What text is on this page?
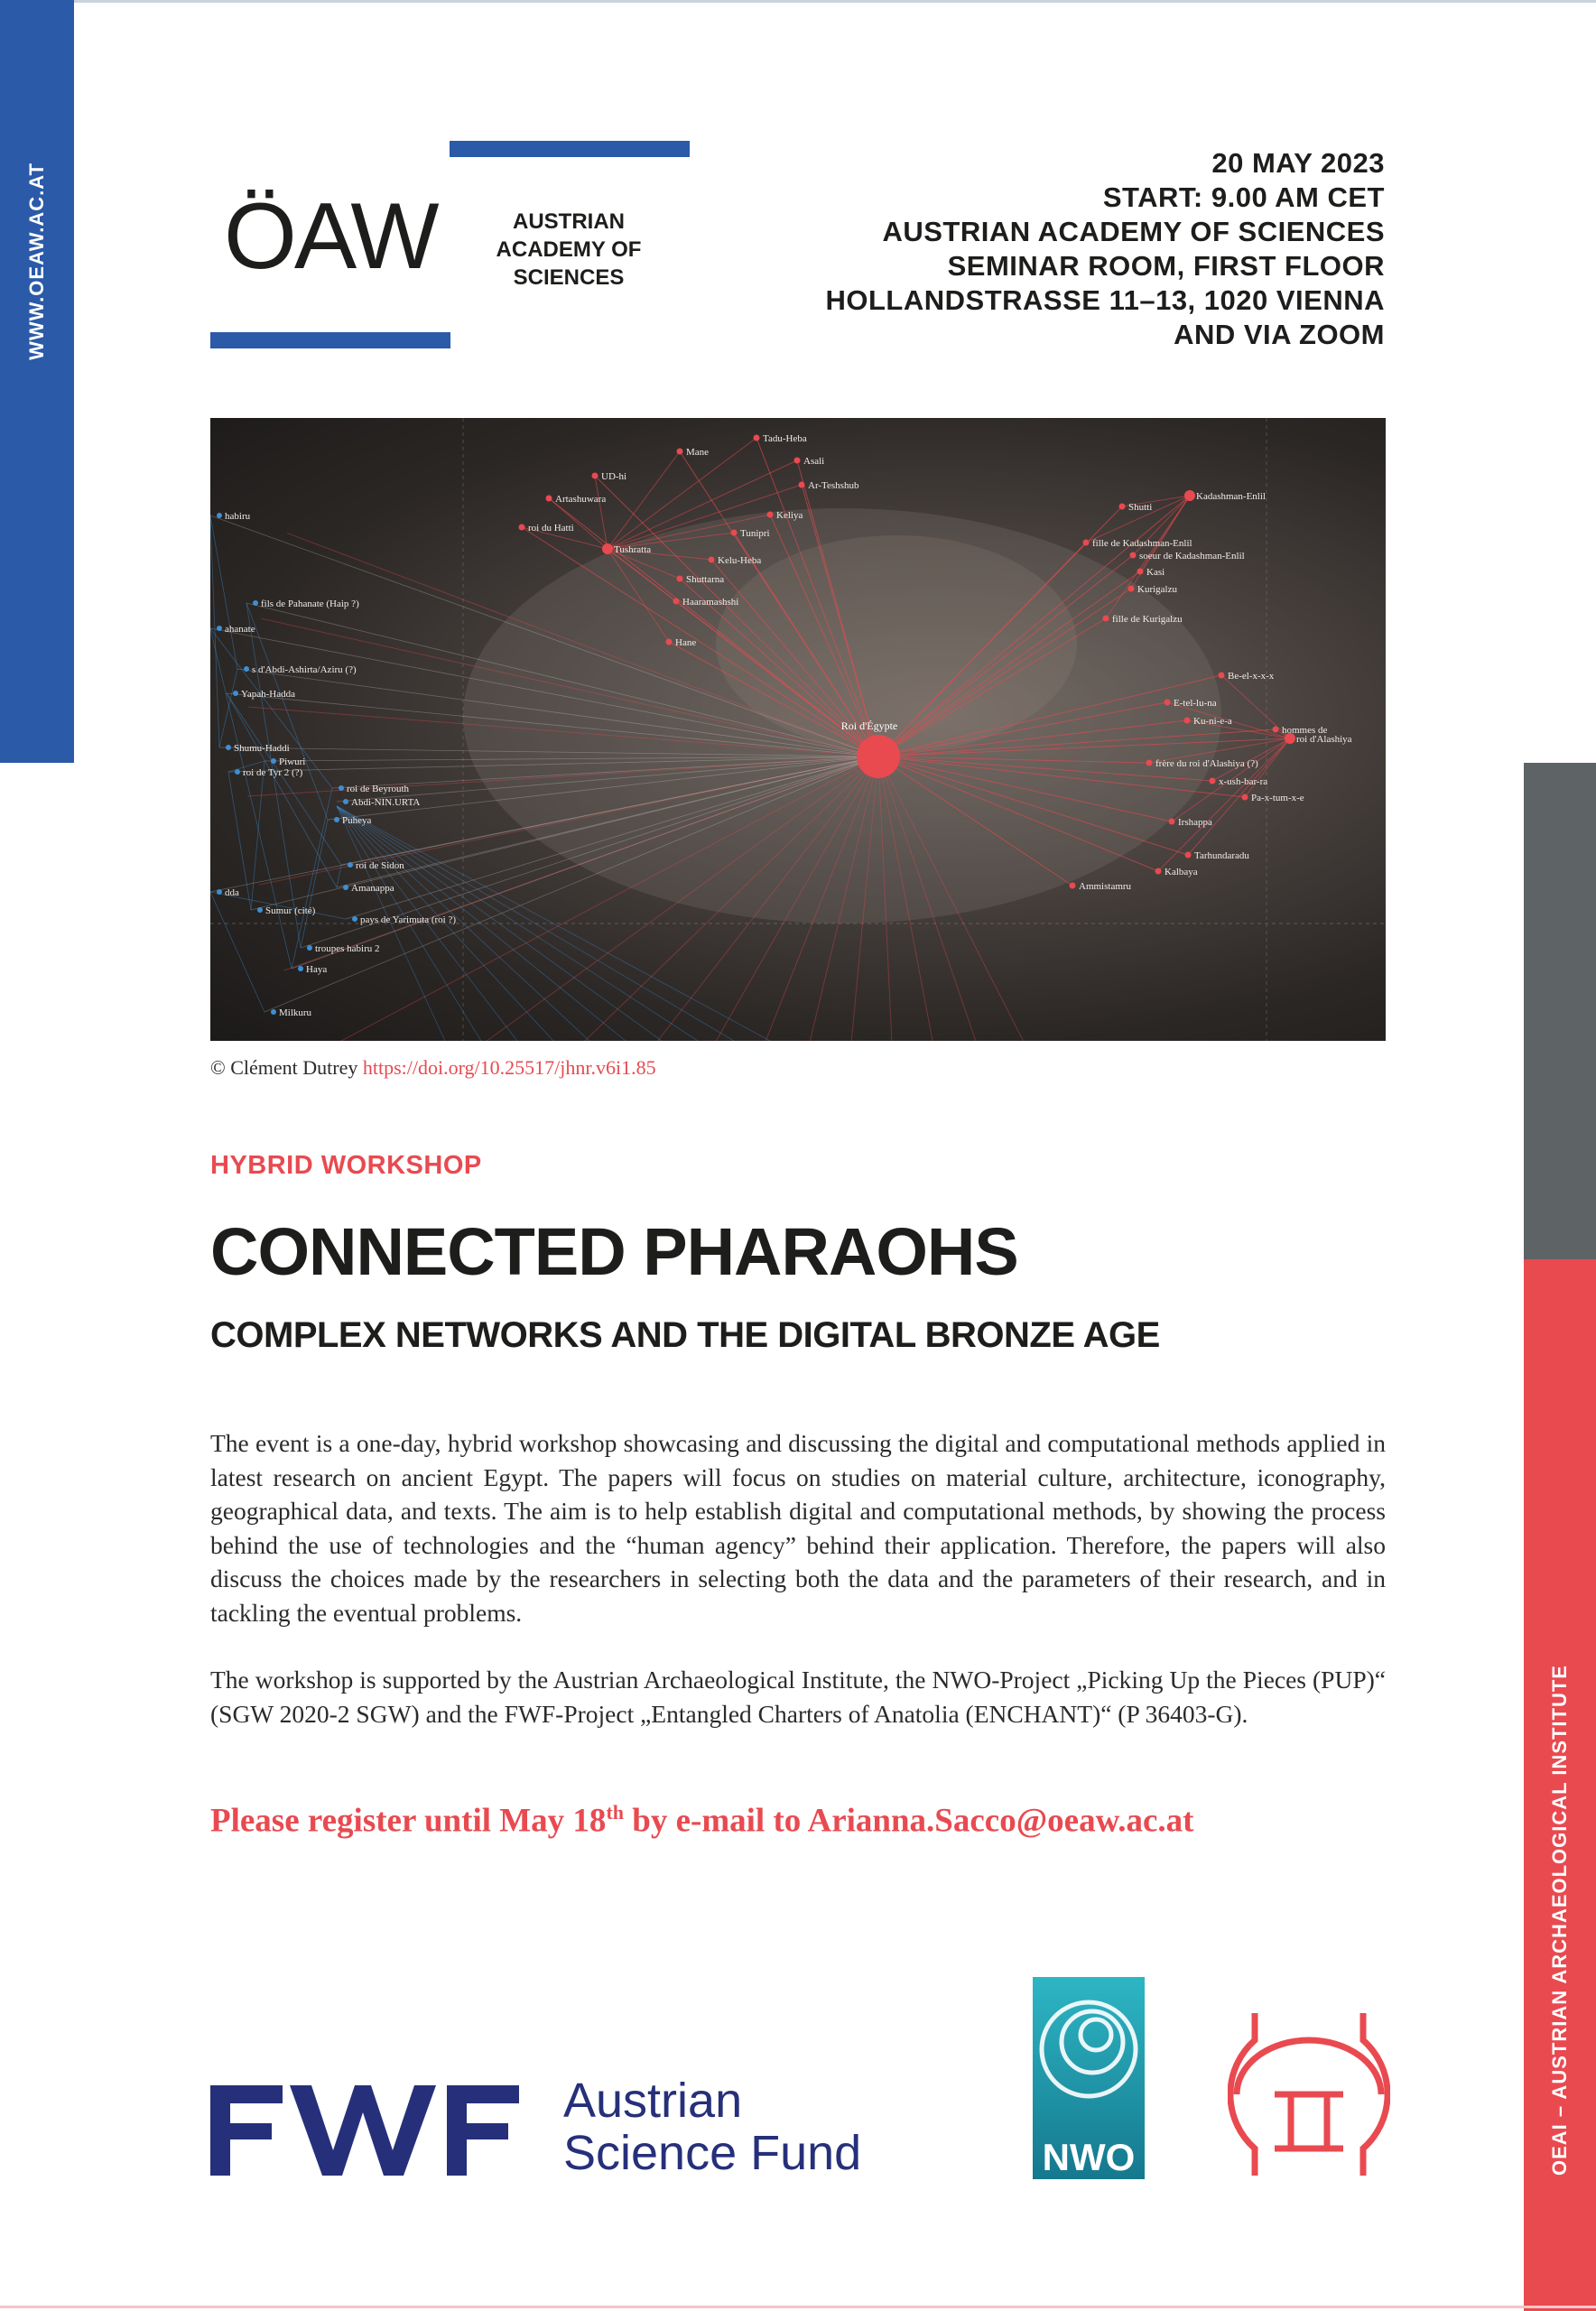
WWW.OEAW.AC.AT
OEAI – AUSTRIAN ARCHAEOLOGICAL INSTITUTE
ÖAW	AUSTRIAN
ACADEMY OF
SCIENCES
20 MAY 2023
START: 9.00 AM CET
AUSTRIAN ACADEMY OF SCIENCES
SEMINAR ROOM, FIRST FLOOR
HOLLANDSTRASSE 11–13, 1020 VIENNA
AND VIA ZOOM
Roi d'Égypte
Tadu-Heba
Mane
Asali
UD-hi
Ar-Teshshub
Artashuwara
Keliya
roi du Hatti	Tunipri
Tushratta
Kelu-Heba
Shuttarna
Haaramashshi
Hane
Shutti
Kadashman-Enlil
fille de Kadashman-Enlil
soeur de Kadashman-Enlil
Kasi
Kurigalzu
fille de Kurigalzu
Be-el-x-x-x
E-tel-lu-na
Ku-ni-e-a
roi d'Alashiya
frère du roi d'Alashiya (?)
x-ush-bar-ra
Pa-x-tum-x-e
Irshappa
Tarhundaradu
Kalbaya
Ammistamru
hommes de
habiru
fils de Pahanate (Haip ?)
ahanate
s d'Abdi-Ashirta/Aziru (?)
Yapah-Hadda
Shumu-Haddi
Piwuri
roi de Tyr 2 (?)
roi de Beyrouth
Abdi-NIN.URTA
Puheya
roi de Sidon
Amanappa
dda
Sumur (cité)
pays de Yarimuta (roi ?)
troupes habiru 2
Haya
Milkuru
© Clément Dutrey https://doi.org/10.25517/jhnr.v6i1.85
HYBRID WORKSHOP
CONNECTED PHARAOHS
COMPLEX NETWORKS AND THE DIGITAL BRONZE AGE

The event is a one-day, hybrid workshop showcasing and discussing the digital and computational methods applied in latest research on ancient Egypt. The papers will focus on studies on material culture, architecture, iconography, geographical data, and texts. The aim is to help establish digital and computational methods, by showing the process behind the use of technologies and the “human agency” behind their application. Therefore, the papers will also discuss the choices made by the researchers in selecting both the data and the parameters of their research, and in tackling the eventual problems.

The workshop is supported by the Austrian Archaeological Institute, the NWO-Project „Picking Up the Pieces (PUP)“ (SGW 2020-2 SGW) and the FWF-Project „Entangled Charters of Anatolia (ENCHANT)“ (P 36403-G).

Please register until May 18th by e-mail to Arianna.Sacco@oeaw.ac.at
Austrian
Science Fund	NWO
